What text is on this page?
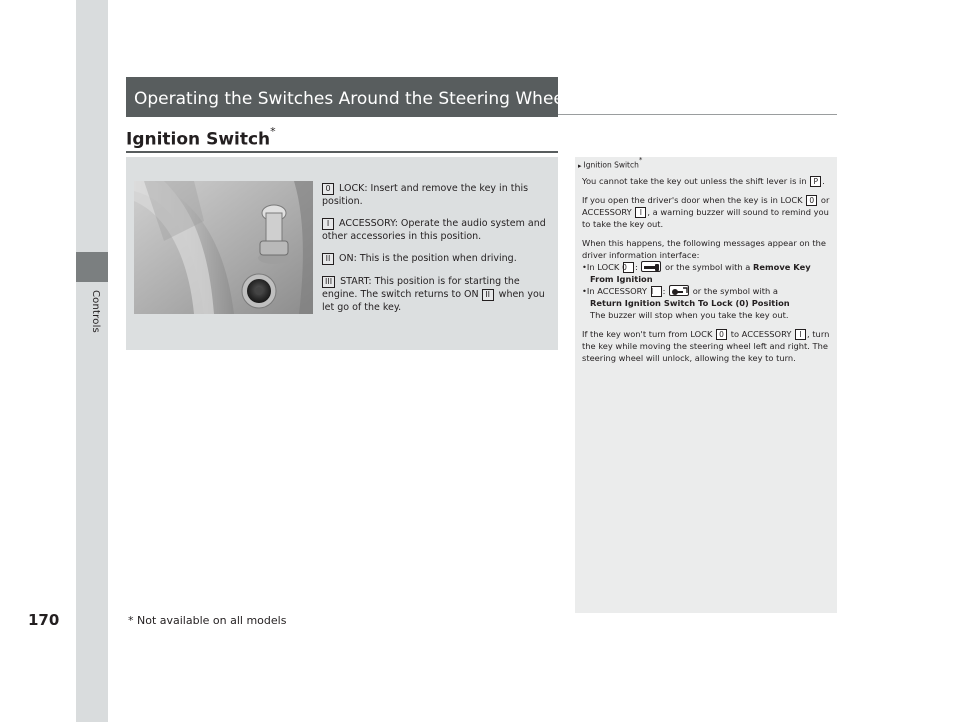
Controls
170	* Not available on all models
Operating the Switches Around the Steering Wheel
Ignition Switch*
0 LOCK: Insert and remove the key in this position.
I ACCESSORY: Operate the audio system and other accessories in this position.
II ON: This is the position when driving.
III START: This position is for starting the engine. The switch returns to ON II when you let go of the key.
▸ Ignition Switch*

You cannot take the key out unless the shift lever is in P .

If you open the driver's door when the key is in LOCK 0 or ACCESSORY I , a warning buzzer will sound to remind you to take the key out.

When this happens, the following messages appear on the driver information interface:

•In LOCK 0 :	or the symbol with a Remove Key From Ignition

•In ACCESSORY I :	or the symbol with a
Return Ignition Switch To Lock (0) Position
The buzzer will stop when you take the key out.

If the key won't turn from LOCK 0 to ACCESSORY I , turn the key while moving the steering wheel left and right. The steering wheel will unlock, allowing the key to turn.
